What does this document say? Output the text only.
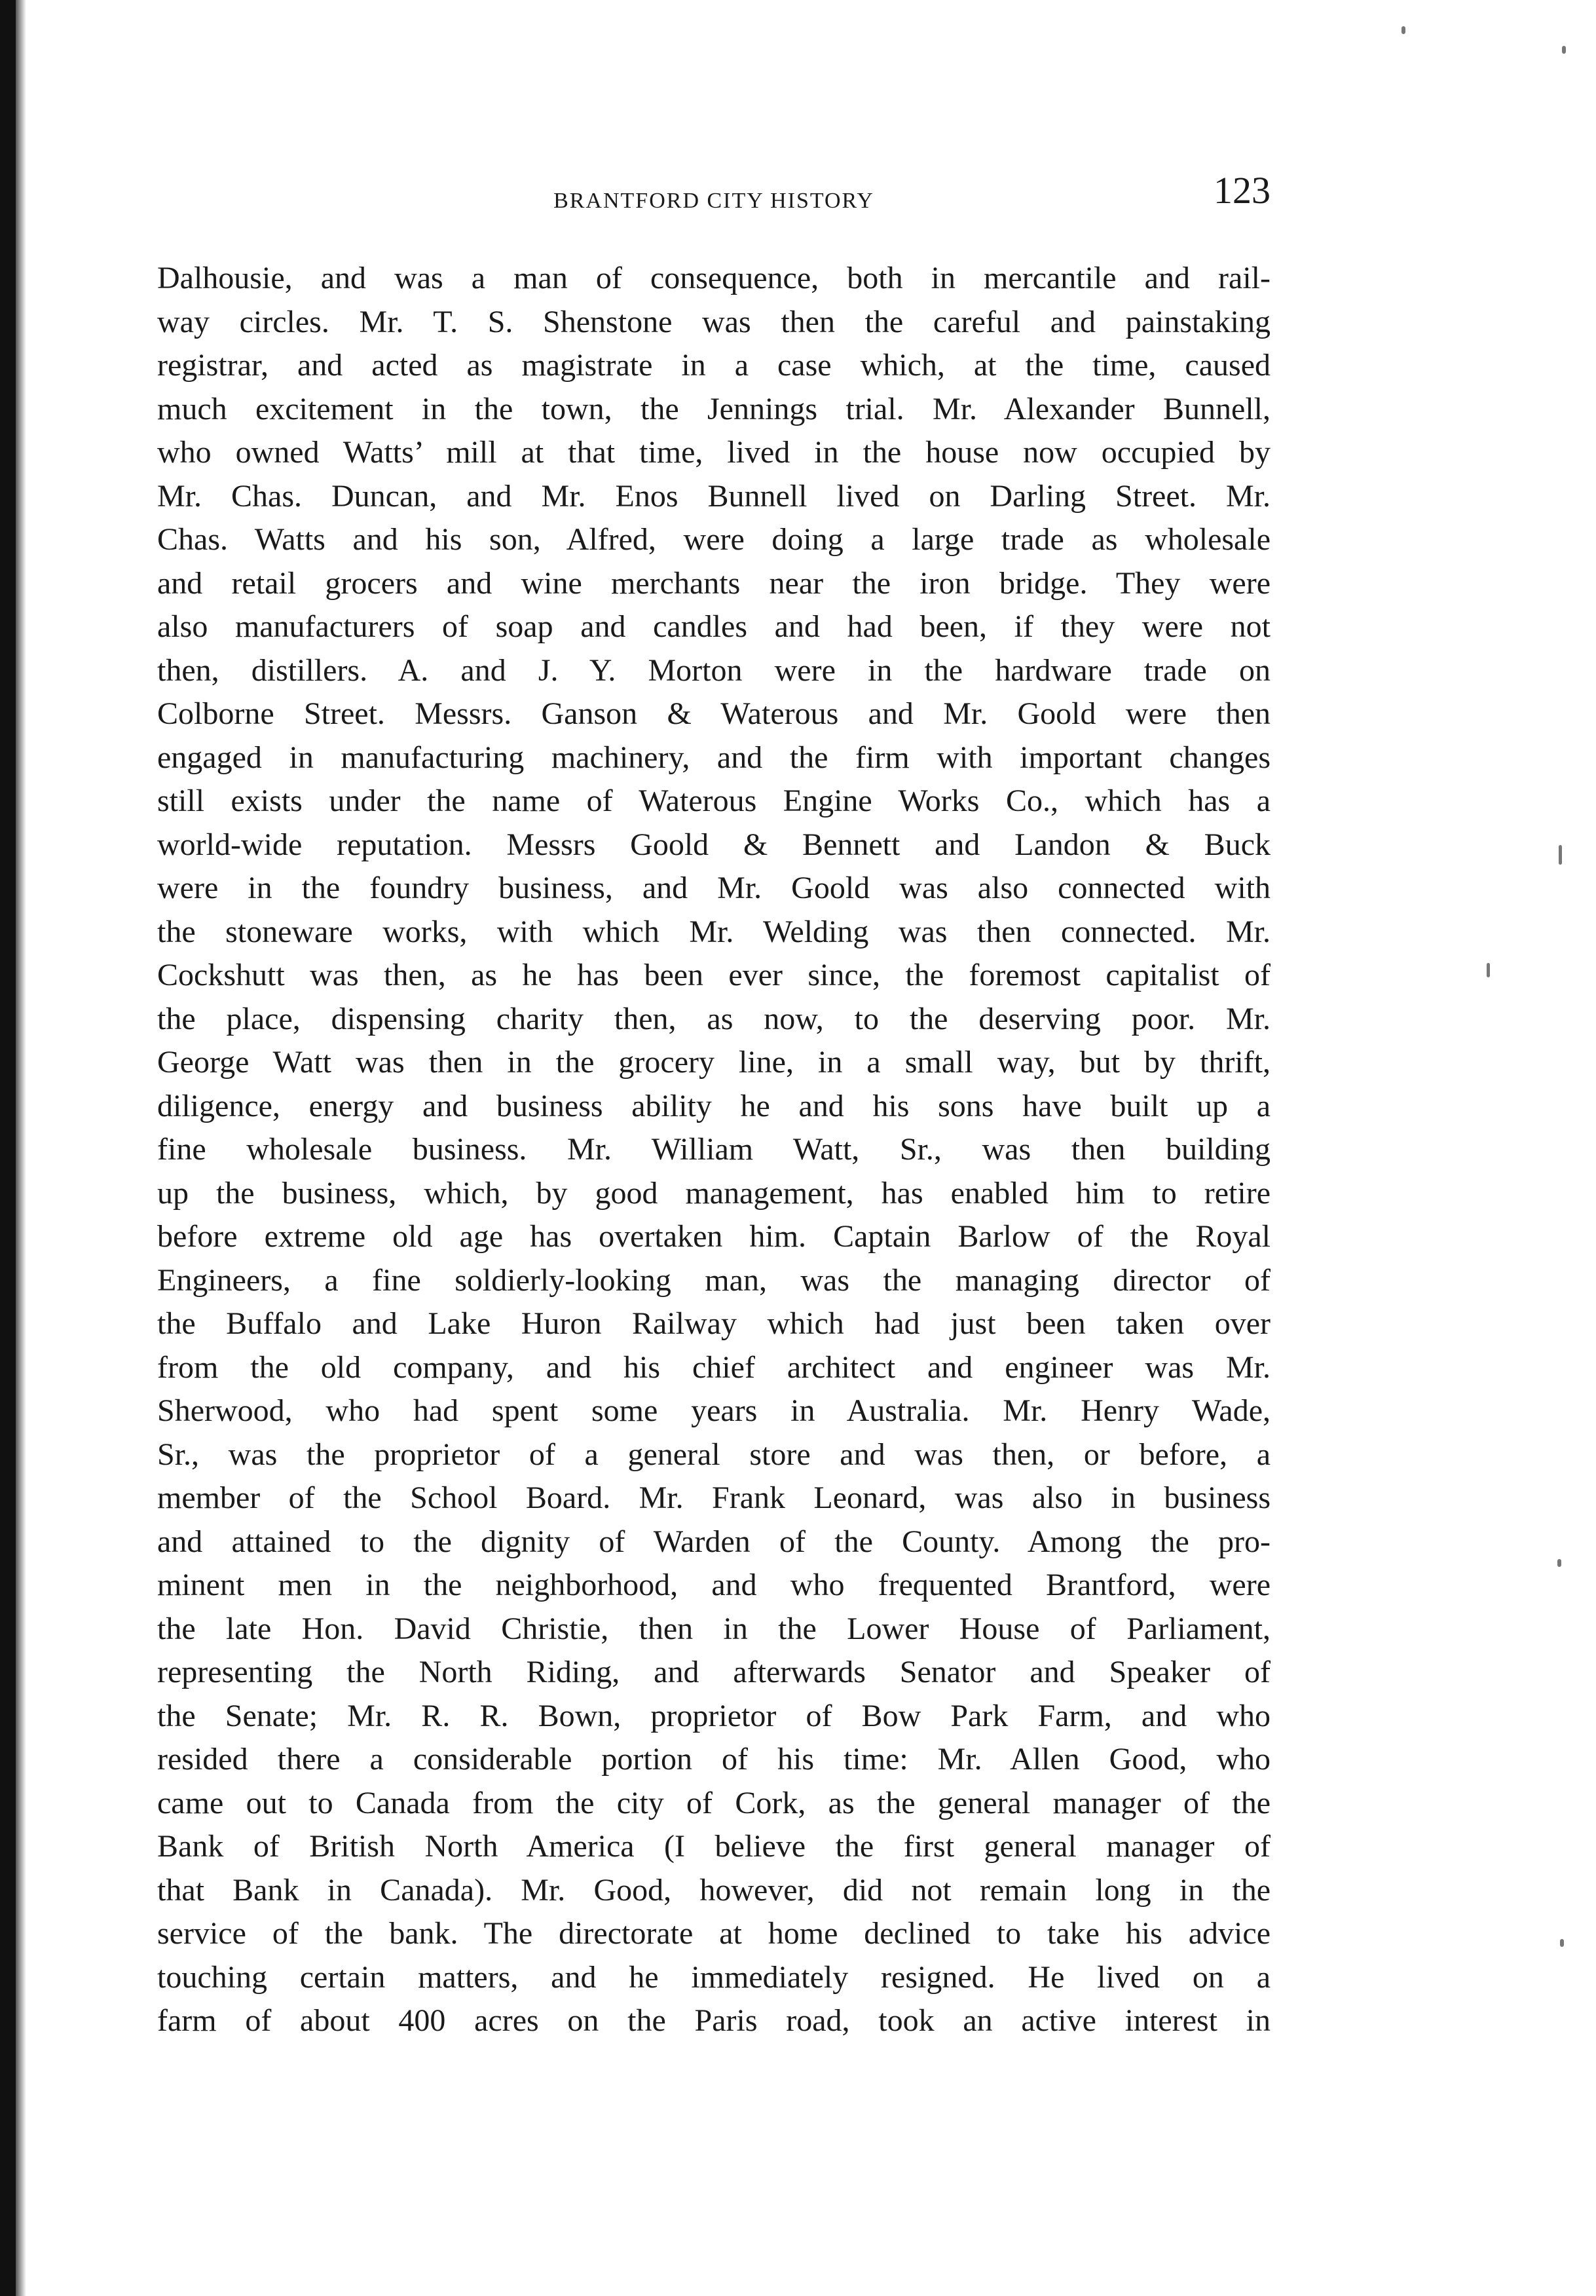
BRANTFORD CITY HISTORY	123
Dalhousie, and was a man of consequence, both in mercantile and rail-
way circles. Mr. T. S. Shenstone was then the careful and painstaking
registrar, and acted as magistrate in a case which, at the time, caused
much excitement in the town, the Jennings trial. Mr. Alexander Bunnell,
who owned Watts’ mill at that time, lived in the house now occupied by
Mr. Chas. Duncan, and Mr. Enos Bunnell lived on Darling Street. Mr.
Chas. Watts and his son, Alfred, were doing a large trade as wholesale
and retail grocers and wine merchants near the iron bridge. They were
also manufacturers of soap and candles and had been, if they were not
then, distillers. A. and J. Y. Morton were in the hardware trade on
Colborne Street. Messrs. Ganson & Waterous and Mr. Goold were then
engaged in manufacturing machinery, and the firm with important changes
still exists under the name of Waterous Engine Works Co., which has a
world-wide reputation. Messrs Goold & Bennett and Landon & Buck
were in the foundry business, and Mr. Goold was also connected with
the stoneware works, with which Mr. Welding was then connected. Mr.
Cockshutt was then, as he has been ever since, the foremost capitalist of
the place, dispensing charity then, as now, to the deserving poor. Mr.
George Watt was then in the grocery line, in a small way, but by thrift,
diligence, energy and business ability he and his sons have built up a
fine wholesale business. Mr. William Watt, Sr., was then building
up the business, which, by good management, has enabled him to retire
before extreme old age has overtaken him. Captain Barlow of the Royal
Engineers, a fine soldierly-looking man, was the managing director of
the Buffalo and Lake Huron Railway which had just been taken over
from the old company, and his chief architect and engineer was Mr.
Sherwood, who had spent some years in Australia. Mr. Henry Wade,
Sr., was the proprietor of a general store and was then, or before, a
member of the School Board. Mr. Frank Leonard, was also in business
and attained to the dignity of Warden of the County. Among the pro-
minent men in the neighborhood, and who frequented Brantford, were
the late Hon. David Christie, then in the Lower House of Parliament,
representing the North Riding, and afterwards Senator and Speaker of
the Senate; Mr. R. R. Bown, proprietor of Bow Park Farm, and who
resided there a considerable portion of his time: Mr. Allen Good, who
came out to Canada from the city of Cork, as the general manager of the
Bank of British North America (I believe the first general manager of
that Bank in Canada). Mr. Good, however, did not remain long in the
service of the bank. The directorate at home declined to take his advice
touching certain matters, and he immediately resigned. He lived on a
farm of about 400 acres on the Paris road, took an active interest in
